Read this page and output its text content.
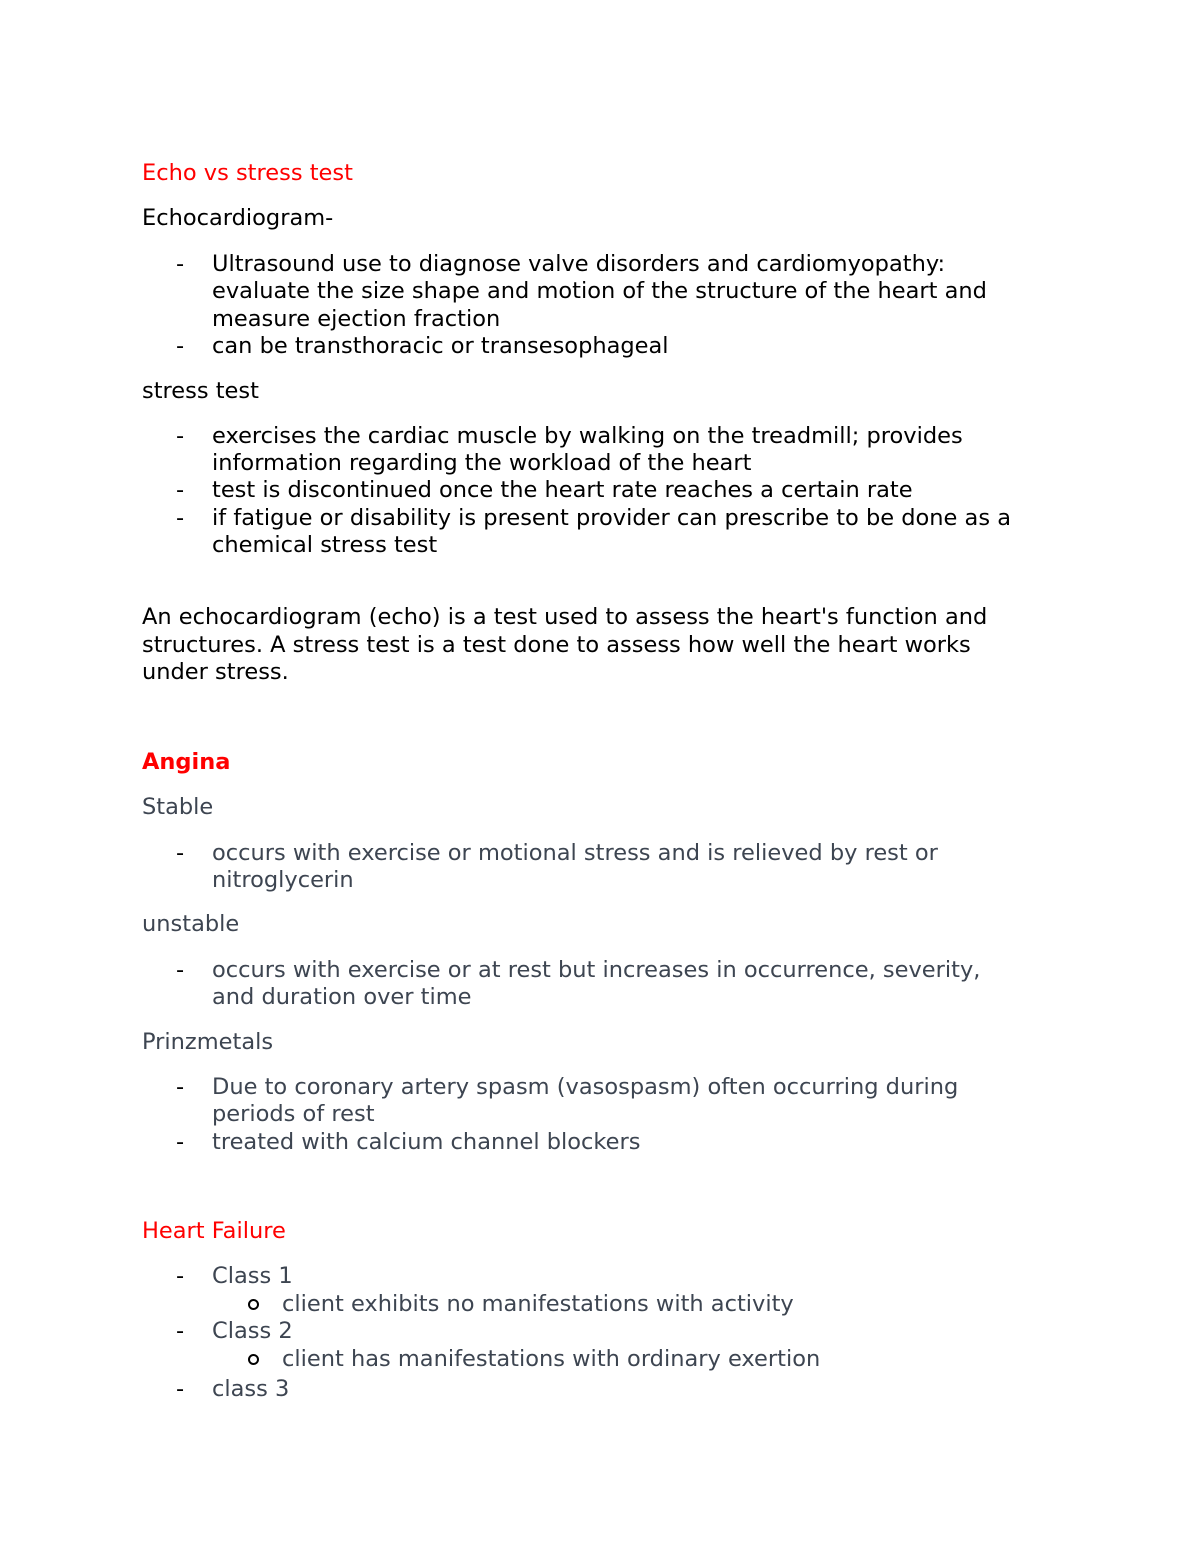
Echo vs stress test
Echocardiogram-
- Ultrasound use to diagnose valve disorders and cardiomyopathy:
evaluate the size shape and motion of the structure of the heart and
measure ejection fraction
- can be transthoracic or transesophageal
stress test
- exercises the cardiac muscle by walking on the treadmill; provides
information regarding the workload of the heart
- test is discontinued once the heart rate reaches a certain rate
- if fatigue or disability is present provider can prescribe to be done as a
chemical stress test
An echocardiogram (echo) is a test used to assess the heart's function and
structures. A stress test is a test done to assess how well the heart works
under stress.
Angina
Stable
- occurs with exercise or motional stress and is relieved by rest or
nitroglycerin
unstable
- occurs with exercise or at rest but increases in occurrence, severity,
and duration over time
Prinzmetals
- Due to coronary artery spasm (vasospasm) often occurring during
periods of rest
- treated with calcium channel blockers
Heart Failure
- Class 1
client exhibits no manifestations with activity
- Class 2
client has manifestations with ordinary exertion
- class 3
